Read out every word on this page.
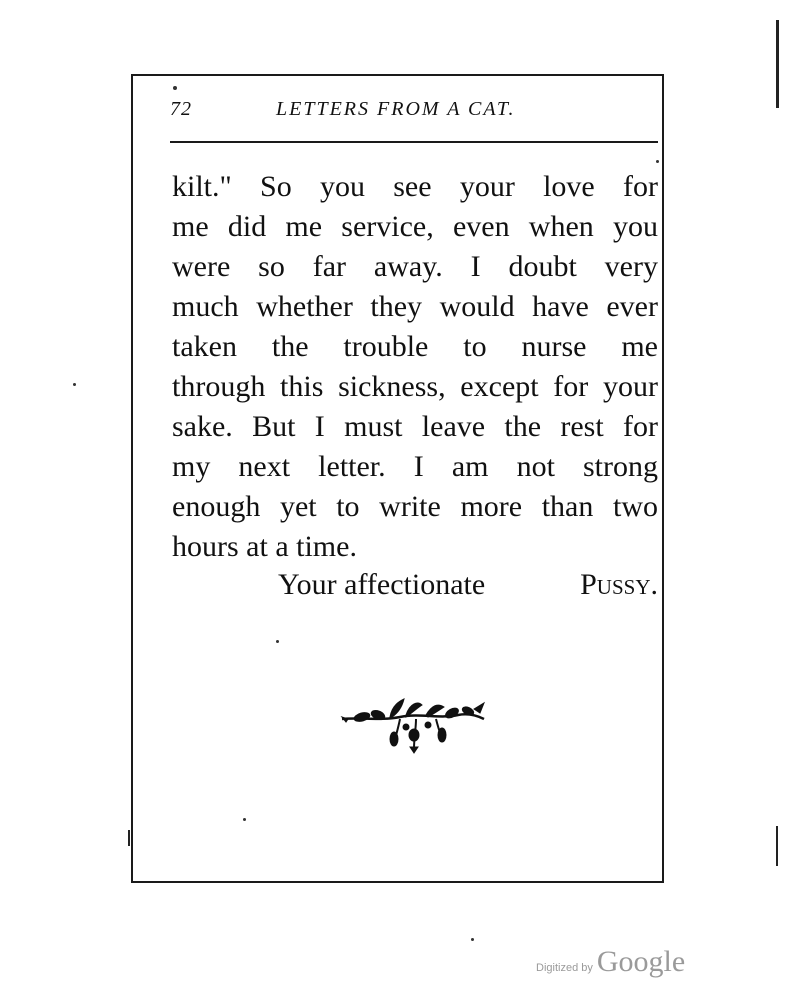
72	LETTERS FROM A CAT.
kilt." So you see your love for
me did me service, even when you
were so far away. I doubt very
much whether they would have ever
taken the trouble to nurse me
through this sickness, except for your
sake. But I must leave the rest for
my next letter. I am not strong
enough yet to write more than two
hours at a time.
Your affectionate	Pussy.
Digitized by Google
